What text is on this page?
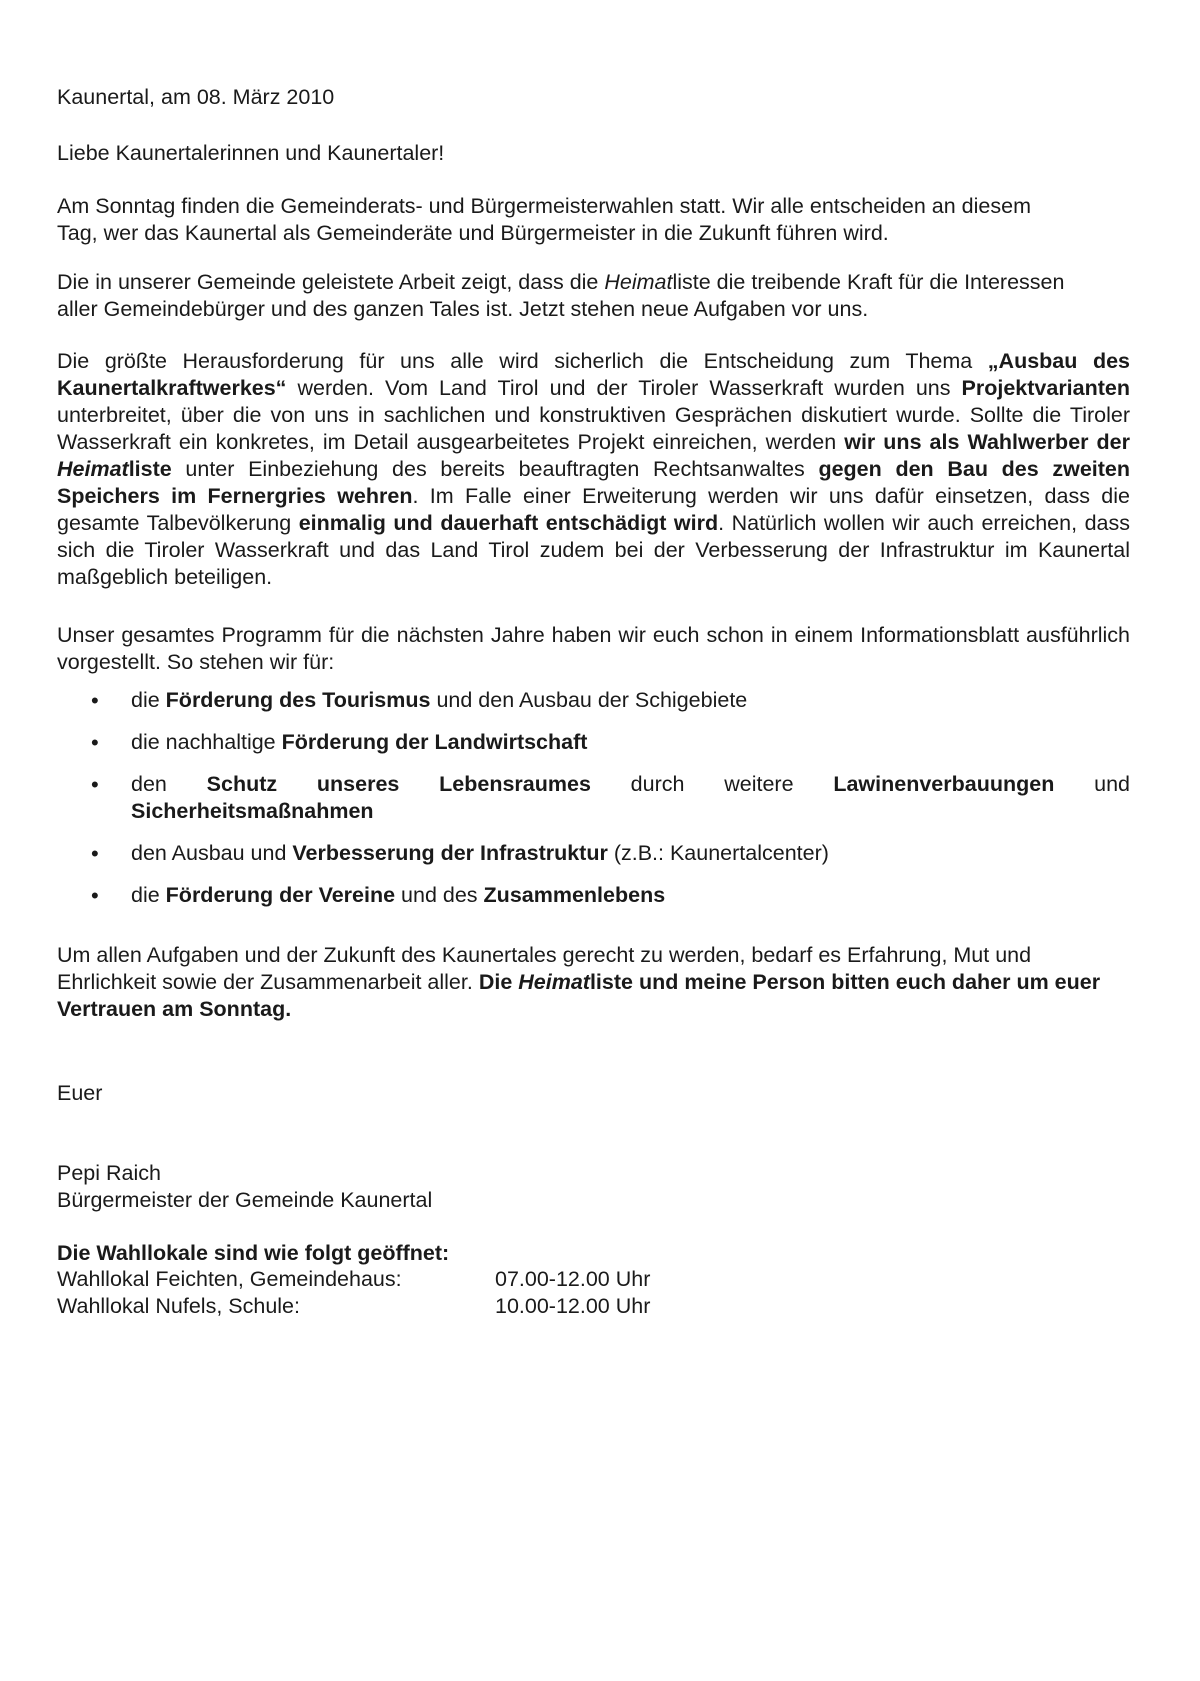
Kaunertal, am 08. März 2010

Liebe Kaunertalerinnen und Kaunertaler!

Am Sonntag finden die Gemeinderats- und Bürgermeisterwahlen statt. Wir alle entscheiden an diesem Tag, wer das Kaunertal als Gemeinderäte und Bürgermeister in die Zukunft führen wird.

Die in unserer Gemeinde geleistete Arbeit zeigt, dass die Heimatliste die treibende Kraft für die Interessen aller Gemeindebürger und des ganzen Tales ist. Jetzt stehen neue Aufgaben vor uns.

Die größte Herausforderung für uns alle wird sicherlich die Entscheidung zum Thema „Ausbau des Kaunertalkraftwerkes“ werden. Vom Land Tirol und der Tiroler Wasserkraft wurden uns Projektvarianten unterbreitet, über die von uns in sachlichen und konstruktiven Gesprächen diskutiert wurde. Sollte die Tiroler Wasserkraft ein konkretes, im Detail ausgearbeitetes Projekt einreichen, werden wir uns als Wahlwerber der Heimatliste unter Einbeziehung des bereits beauftragten Rechtsanwaltes gegen den Bau des zweiten Speichers im Fernergries wehren. Im Falle einer Erweiterung werden wir uns dafür einsetzen, dass die gesamte Talbevölkerung einmalig und dauerhaft entschädigt wird. Natürlich wollen wir auch erreichen, dass sich die Tiroler Wasserkraft und das Land Tirol zudem bei der Verbesserung der Infrastruktur im Kaunertal maßgeblich beteiligen.

Unser gesamtes Programm für die nächsten Jahre haben wir euch schon in einem Informationsblatt ausführlich vorgestellt. So stehen wir für:

• die Förderung des Tourismus und den Ausbau der Schigebiete
• die nachhaltige Förderung der Landwirtschaft
• den Schutz unseres Lebensraumes durch weitere Lawinenverbauungen und Sicherheitsmaßnahmen
• den Ausbau und Verbesserung der Infrastruktur (z.B.: Kaunertalcenter)
• die Förderung der Vereine und des Zusammenlebens

Um allen Aufgaben und der Zukunft des Kaunertales gerecht zu werden, bedarf es Erfahrung, Mut und Ehrlichkeit sowie der Zusammenarbeit aller. Die Heimatliste und meine Person bitten euch daher um euer Vertrauen am Sonntag.

Euer

Pepi Raich

Bürgermeister der Gemeinde Kaunertal

Die Wahllokale sind wie folgt geöffnet:

Wahllokal Feichten, Gemeindehaus:	07.00-12.00 Uhr
Wahllokal Nufels, Schule:	10.00-12.00 Uhr
